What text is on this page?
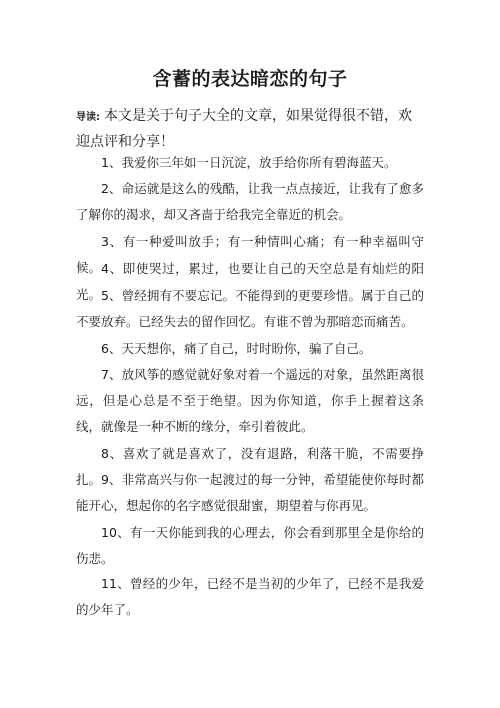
含蓄的表达暗恋的句子
导读: 本文是关于句子大全的文章，如果觉得很不错，欢迎点评和分享！
1、我爱你三年如一日沉淀，放手给你所有碧海蓝天。
2、命运就是这么的残酷，让我一点点接近，让我有了愈多了解你的渴求，却又吝啬于给我完全靠近的机会。
3、有一种爱叫放手；有一种情叫心痛；有一种幸福叫守候。 4、即使哭过，累过，也要让自己的天空总是有灿烂的阳光。 5、曾经拥有不要忘记。不能得到的更要珍惜。属于自己的不要放弃。已经失去的留作回忆。有谁不曾为那暗恋而痛苦。
6、天天想你，痛了自己，时时盼你，骗了自己。
7、放风筝的感觉就好象对着一个遥远的对象，虽然距离很远，但是心总是不至于绝望。因为你知道，你手上握着这条线，就像是一种不断的缘分，牵引着彼此。
8、喜欢了就是喜欢了，没有退路，利落干脆，不需要挣扎。 9、非常高兴与你一起渡过的每一分钟，希望能使你每时都能开心，想起你的名字感觉很甜蜜，期望着与你再见。
10、有一天你能到我的心理去，你会看到那里全是你给的伤悲。
11、曾经的少年，已经不是当初的少年了，已经不是我爱的少年了。
